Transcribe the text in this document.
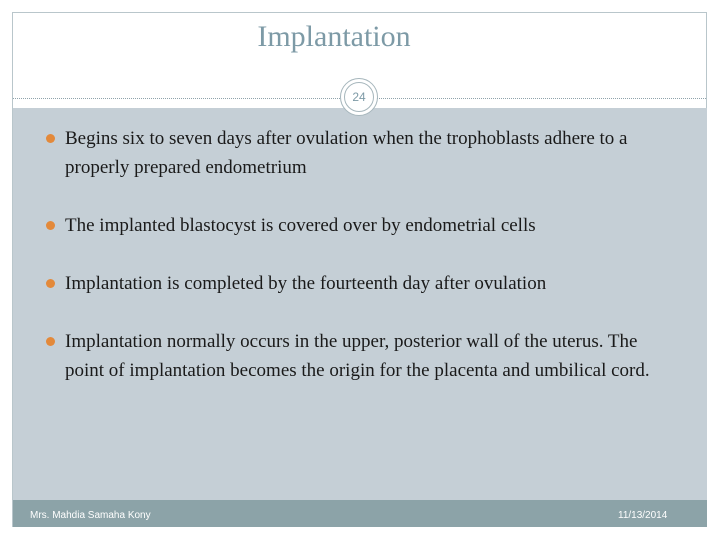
Implantation
24
Begins six to seven days after ovulation when the trophoblasts adhere to a properly prepared endometrium
The implanted blastocyst is covered over by endometrial cells
Implantation is completed by the fourteenth day after ovulation
Implantation normally occurs in the upper, posterior wall of the uterus. The point of implantation becomes the origin for the placenta and umbilical cord.
Mrs. Mahdia Samaha Kony	11/13/2014
